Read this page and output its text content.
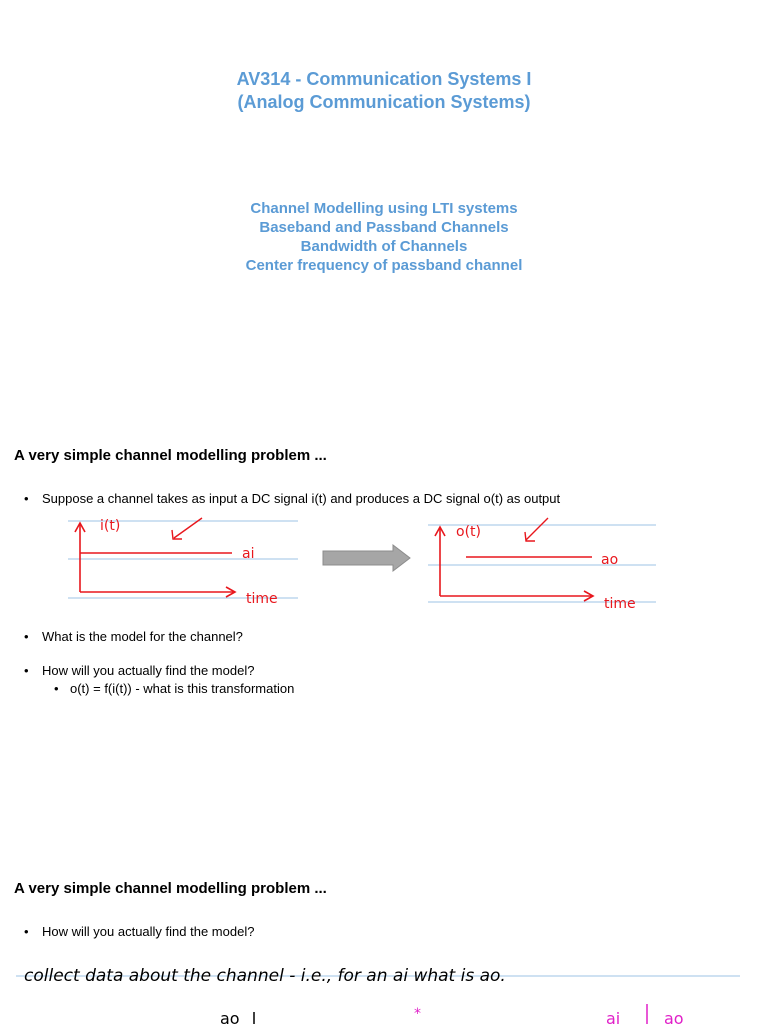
AV314 - Communication Systems I
(Analog Communication Systems)
Channel Modelling using LTI systems
Baseband and Passband Channels
Bandwidth of Channels
Center frequency of passband channel
A very simple channel modelling problem ...
• Suppose a channel takes as input a DC signal i(t) and produces a DC signal o(t) as output
i(t)
ai
time
o(t)
ao
time
• What is the model for the channel?
• How will you actually find the model?
• o(t) = f(i(t)) - what is this transformation
A very simple channel modelling problem ...
• How will you actually find the model?
collect data about the channel - i.e., for an ai what is ao.
ao	*	ai	ao
